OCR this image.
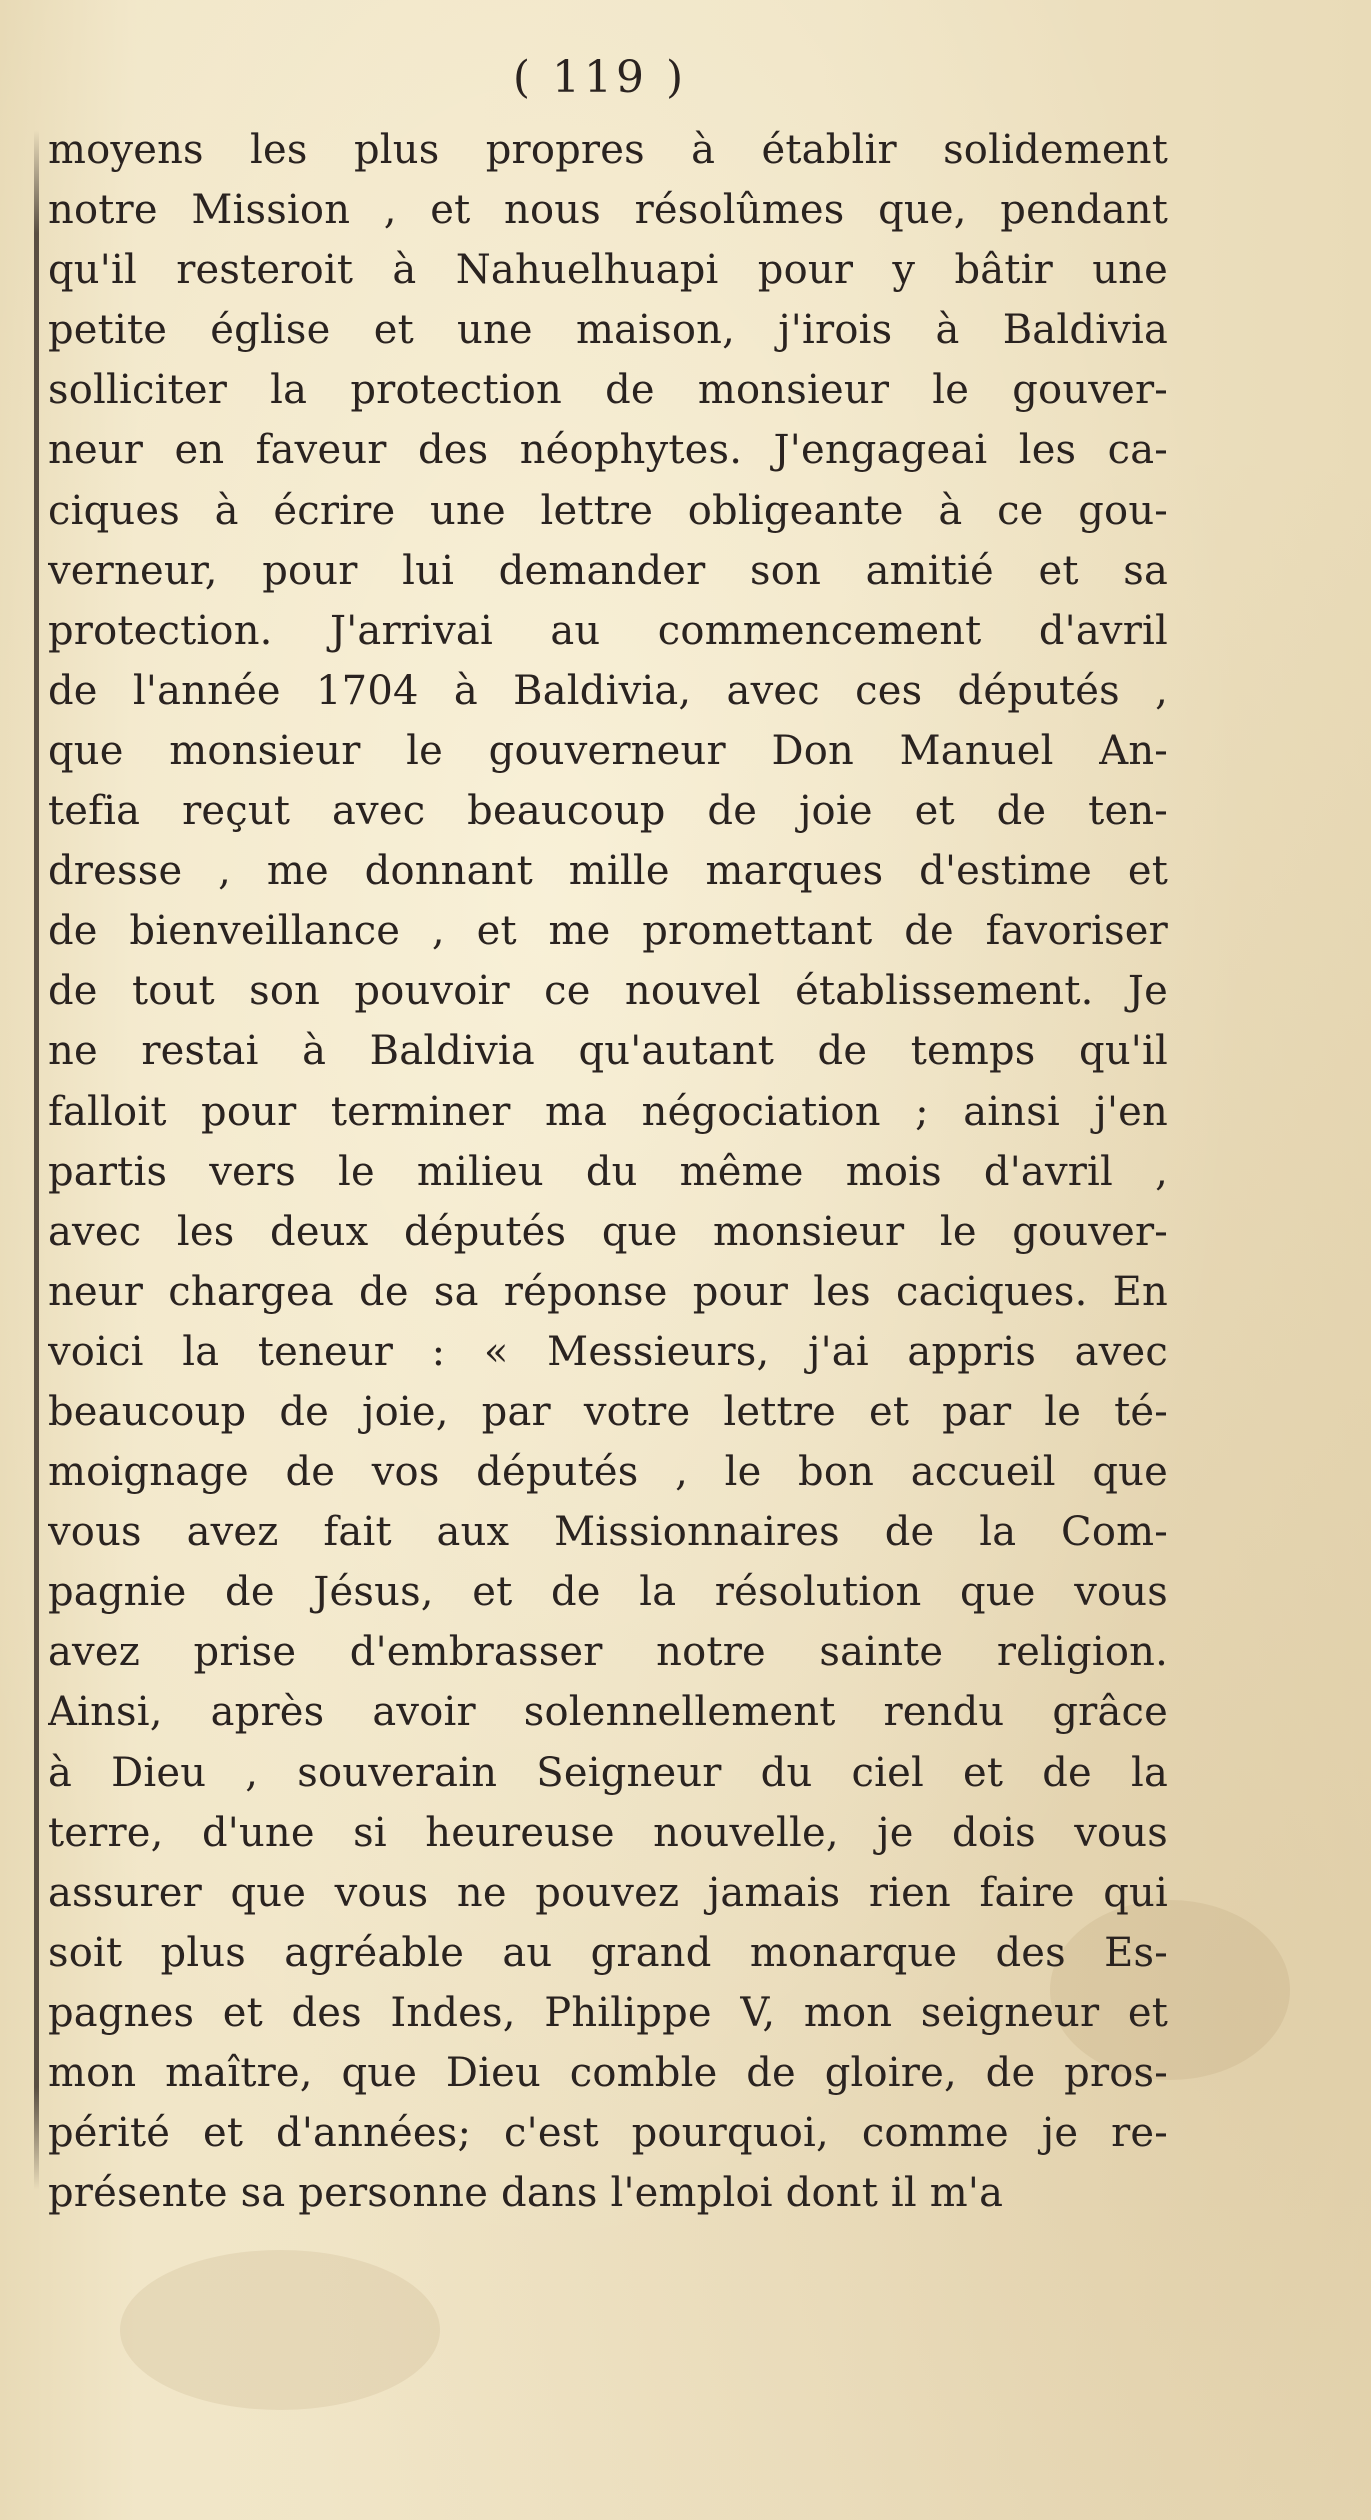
( 119 )
moyens les plus propres à établir solidement
notre Mission , et nous résolûmes que, pendant
qu'il resteroit à Nahuelhuapi pour y bâtir une
petite église et une maison, j'irois à Baldivia
solliciter la protection de monsieur le gouver-
neur en faveur des néophytes. J'engageai les ca-
ciques à écrire une lettre obligeante à ce gou-
verneur, pour lui demander son amitié et sa
protection. J'arrivai au commencement d'avril
de l'année 1704 à Baldivia, avec ces députés ,
que monsieur le gouverneur Don Manuel An-
tefia reçut avec beaucoup de joie et de ten-
dresse , me donnant mille marques d'estime et
de bienveillance , et me promettant de favoriser
de tout son pouvoir ce nouvel établissement. Je
ne restai à Baldivia qu'autant de temps qu'il
falloit pour terminer ma négociation ; ainsi j'en
partis vers le milieu du même mois d'avril ,
avec les deux députés que monsieur le gouver-
neur chargea de sa réponse pour les caciques. En
voici la teneur : « Messieurs, j'ai appris avec
beaucoup de joie, par votre lettre et par le té-
moignage de vos députés , le bon accueil que
vous avez fait aux Missionnaires de la Com-
pagnie de Jésus, et de la résolution que vous
avez prise d'embrasser notre sainte religion.
Ainsi, après avoir solennellement rendu grâce
à Dieu , souverain Seigneur du ciel et de la
terre, d'une si heureuse nouvelle, je dois vous
assurer que vous ne pouvez jamais rien faire qui
soit plus agréable au grand monarque des Es-
pagnes et des Indes, Philippe V, mon seigneur et
mon maître, que Dieu comble de gloire, de pros-
périté et d'années; c'est pourquoi, comme je re-
présente sa personne dans l'emploi dont il m'a
